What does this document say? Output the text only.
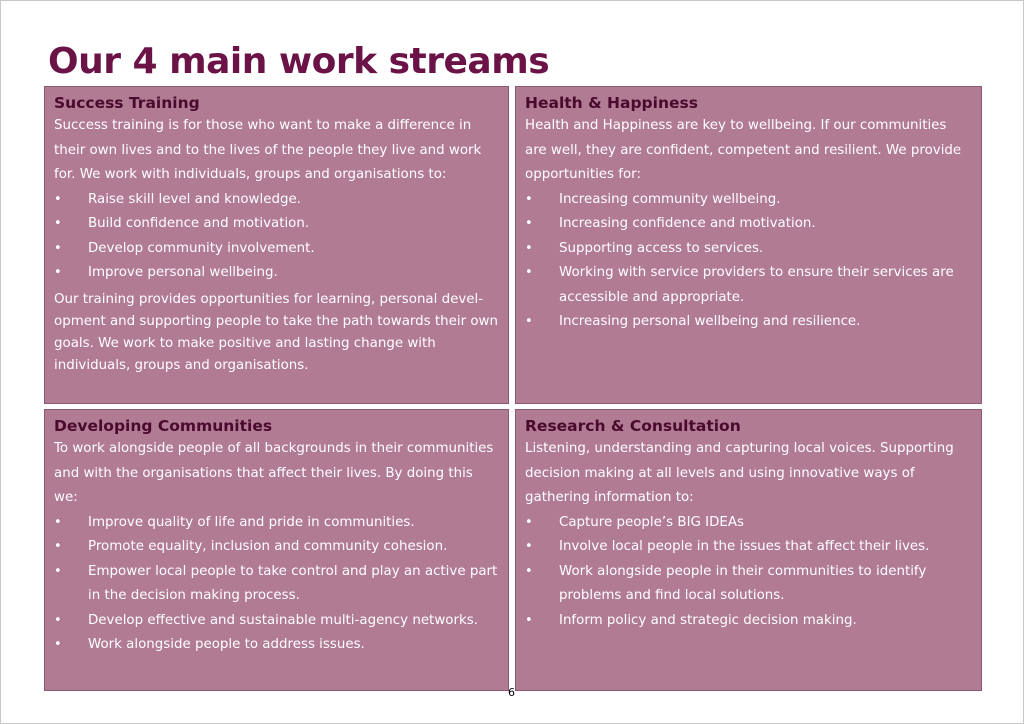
Our 4 main work streams
Success Training

Success training is for those who want to make a difference in their own lives and to the lives of the people they live and work for. We work with individuals, groups and organisations to:

• Raise skill level and knowledge.
• Build confidence and motivation.
• Develop community involvement.
• Improve personal wellbeing.

Our training provides opportunities for learning, personal devel-opment and supporting people to take the path towards their own goals. We work to make positive and lasting change with individuals, groups and organisations.

Health & Happiness

Health and Happiness are key to wellbeing. If our communities are well, they are confident, competent and resilient. We provide opportunities for:

• Increasing community wellbeing.
• Increasing confidence and motivation.
• Supporting access to services.
• Working with service providers to ensure their services are accessible and appropriate.
• Increasing personal wellbeing and resilience.
Developing Communities

To work alongside people of all backgrounds in their communities and with the organisations that affect their lives. By doing this we:

• Improve quality of life and pride in communities.
• Promote equality, inclusion and community cohesion.
• Empower local people to take control and play an active part in the decision making process.
• Develop effective and sustainable multi-agency networks.
• Work alongside people to address issues.
Research & Consultation

Listening, understanding and capturing local voices. Supporting decision making at all levels and using innovative ways of gathering information to:

• Capture people’s BIG IDEAs
• Involve local people in the issues that affect their lives.
• Work alongside people in their communities to identify problems and find local solutions.
• Inform policy and strategic decision making.
6
